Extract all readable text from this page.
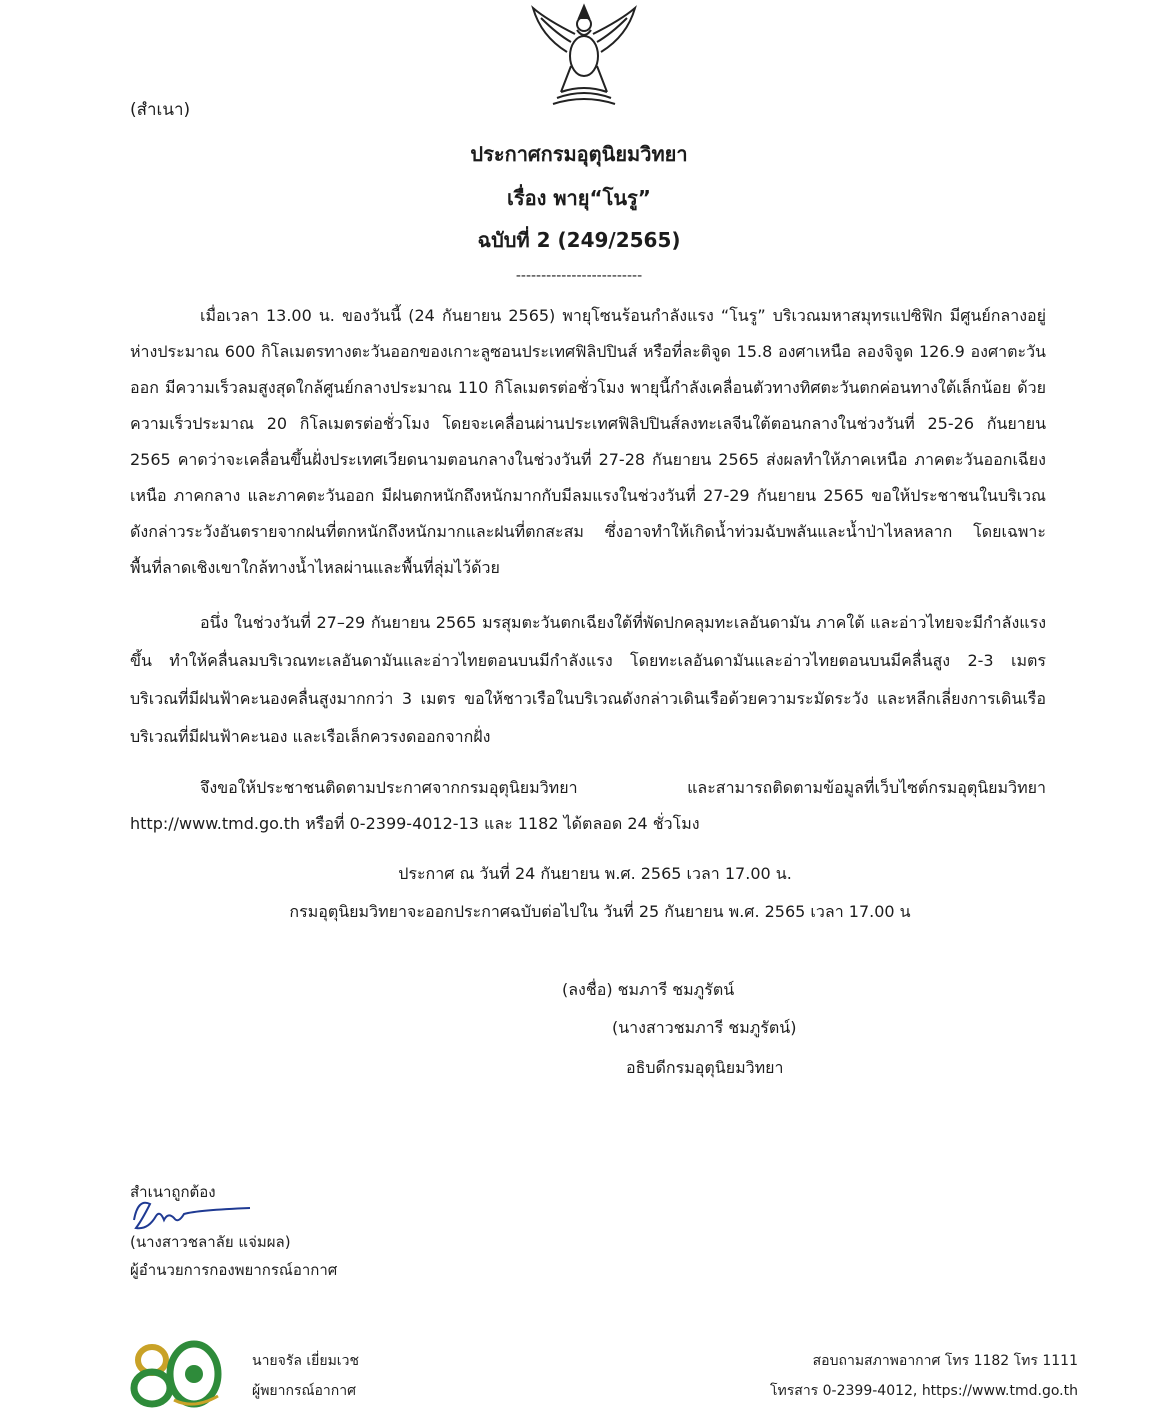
(สำเนา)
ประกาศกรมอุตุนิยมวิทยา
เรื่อง พายุ“โนรู”
ฉบับที่ 2 (249/2565)
-------------------------

เมื่อเวลา 13.00 น. ของวันนี้ (24 กันยายน 2565) พายุโซนร้อนกำลังแรง “โนรู” บริเวณมหาสมุทรแปซิฟิก มีศูนย์กลางอยู่ห่างประมาณ 600 กิโลเมตรทางตะวันออกของเกาะลูซอนประเทศฟิลิปปินส์ หรือที่ละติจูด 15.8 องศาเหนือ ลองจิจูด 126.9 องศาตะวันออก มีความเร็วลมสูงสุดใกล้ศูนย์กลางประมาณ 110 กิโลเมตรต่อชั่วโมง พายุนี้กำลังเคลื่อนตัวทางทิศตะวันตกค่อนทางใต้เล็กน้อย ด้วยความเร็วประมาณ 20 กิโลเมตรต่อชั่วโมง โดยจะเคลื่อนผ่านประเทศฟิลิปปินส์ลงทะเลจีนใต้ตอนกลางในช่วงวันที่ 25-26 กันยายน 2565 คาดว่าจะเคลื่อนขึ้นฝั่งประเทศเวียดนามตอนกลางในช่วงวันที่ 27-28 กันยายน 2565 ส่งผลทำให้ภาคเหนือ ภาคตะวันออกเฉียงเหนือ ภาคกลาง และภาคตะวันออก มีฝนตกหนักถึงหนักมากกับมีลมแรงในช่วงวันที่ 27-29 กันยายน 2565 ขอให้ประชาชนในบริเวณดังกล่าวระวังอันตรายจากฝนที่ตกหนักถึงหนักมากและฝนที่ตกสะสม ซึ่งอาจทำให้เกิดน้ำท่วมฉับพลันและน้ำป่าไหลหลาก โดยเฉพาะพื้นที่ลาดเชิงเขาใกล้ทางน้ำไหลผ่านและพื้นที่ลุ่มไว้ด้วย

อนึ่ง ในช่วงวันที่ 27–29 กันยายน 2565 มรสุมตะวันตกเฉียงใต้ที่พัดปกคลุมทะเลอันดามัน ภาคใต้ และอ่าวไทยจะมีกำลังแรงขึ้น ทำให้คลื่นลมบริเวณทะเลอันดามันและอ่าวไทยตอนบนมีกำลังแรง โดยทะเลอันดามันและอ่าวไทยตอนบนมีคลื่นสูง 2-3 เมตร บริเวณที่มีฝนฟ้าคะนองคลื่นสูงมากกว่า 3 เมตร ขอให้ชาวเรือในบริเวณดังกล่าวเดินเรือด้วยความระมัดระวัง และหลีกเลี่ยงการเดินเรือบริเวณที่มีฝนฟ้าคะนอง และเรือเล็กควรงดออกจากฝั่ง

จึงขอให้ประชาชนติดตามประกาศจากกรมอุตุนิยมวิทยา และสามารถติดตามข้อมูลที่เว็บไซต์กรมอุตุนิยมวิทยา http://www.tmd.go.th หรือที่ 0-2399-4012-13 และ 1182 ได้ตลอด 24 ชั่วโมง

ประกาศ ณ วันที่ 24 กันยายน พ.ศ. 2565 เวลา 17.00 น.
กรมอุตุนิยมวิทยาจะออกประกาศฉบับต่อไปใน วันที่ 25 กันยายน พ.ศ. 2565 เวลา 17.00 น
(ลงชื่อ) ชมภารี ชมภูรัตน์
(นางสาวชมภารี ชมภูรัตน์)
อธิบดีกรมอุตุนิยมวิทยา
สำเนาถูกต้อง
(นางสาวชลาลัย แจ่มผล)
ผู้อำนวยการกองพยากรณ์อากาศ
นายจรัล เยี่ยมเวช
ผู้พยากรณ์อากาศ
สอบถามสภาพอากาศ โทร 1182 โทร 1111
โทรสาร 0-2399-4012, https://www.tmd.go.th
